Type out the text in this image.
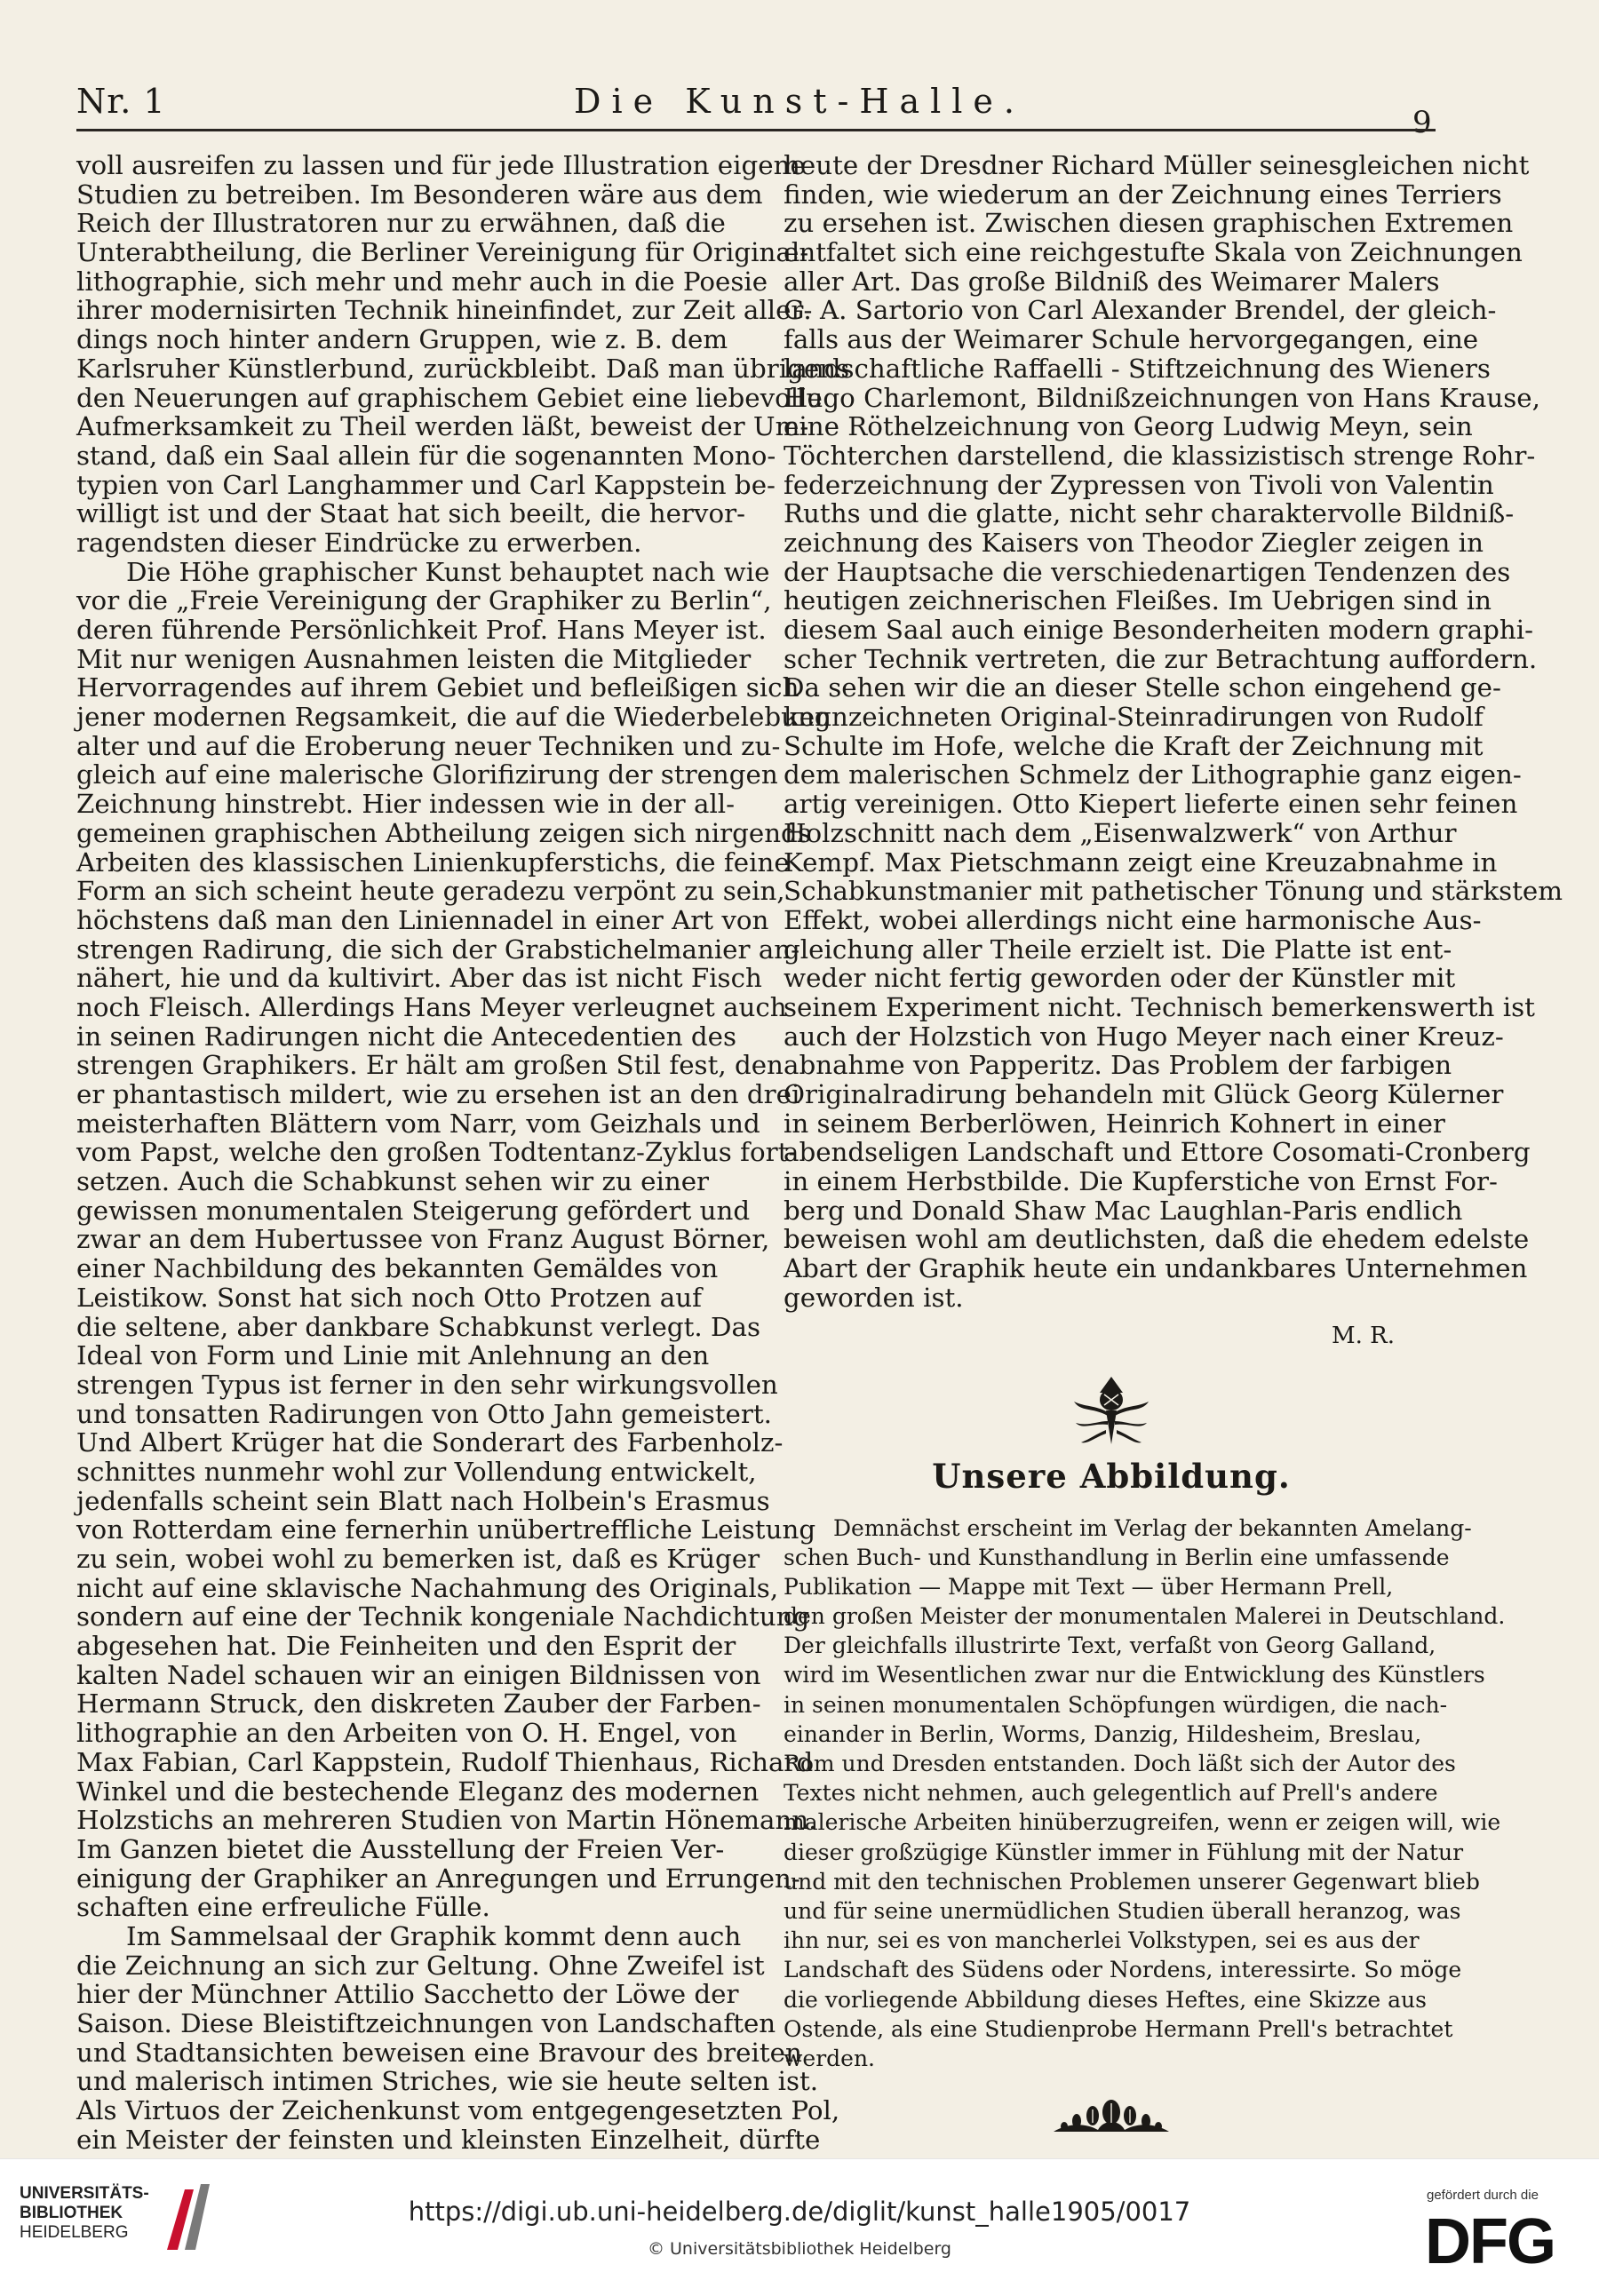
Nr. 1	Die Kunst-Halle.
9
voll ausreifen zu lassen und für jede Illustration eigene
Studien zu betreiben. Im Besonderen wäre aus dem
Reich der Illustratoren nur zu erwähnen, daß die
Unterabtheilung, die Berliner Vereinigung für Original-
lithographie, sich mehr und mehr auch in die Poesie
ihrer modernisirten Technik hineinfindet, zur Zeit aller-
dings noch hinter andern Gruppen, wie z. B. dem
Karlsruher Künstlerbund, zurückbleibt. Daß man übrigens
den Neuerungen auf graphischem Gebiet eine liebevolle
Aufmerksamkeit zu Theil werden läßt, beweist der Um-
stand, daß ein Saal allein für die sogenannten Mono-
typien von Carl Langhammer und Carl Kappstein be-
willigt ist und der Staat hat sich beeilt, die hervor-
ragendsten dieser Eindrücke zu erwerben.
Die Höhe graphischer Kunst behauptet nach wie
vor die „Freie Vereinigung der Graphiker zu Berlin“,
deren führende Persönlichkeit Prof. Hans Meyer ist.
Mit nur wenigen Ausnahmen leisten die Mitglieder
Hervorragendes auf ihrem Gebiet und befleißigen sich
jener modernen Regsamkeit, die auf die Wiederbelebung
alter und auf die Eroberung neuer Techniken und zu-
gleich auf eine malerische Glorifizirung der strengen
Zeichnung hinstrebt. Hier indessen wie in der all-
gemeinen graphischen Abtheilung zeigen sich nirgends
Arbeiten des klassischen Linienkupferstichs, die feine
Form an sich scheint heute geradezu verpönt zu sein,
höchstens daß man den Liniennadel in einer Art von
strengen Radirung, die sich der Grabstichelmanier an-
nähert, hie und da kultivirt. Aber das ist nicht Fisch
noch Fleisch. Allerdings Hans Meyer verleugnet auch
in seinen Radirungen nicht die Antecedentien des
strengen Graphikers. Er hält am großen Stil fest, den
er phantastisch mildert, wie zu ersehen ist an den drei
meisterhaften Blättern vom Narr, vom Geizhals und
vom Papst, welche den großen Todtentanz-Zyklus fort-
setzen. Auch die Schabkunst sehen wir zu einer
gewissen monumentalen Steigerung gefördert und
zwar an dem Hubertussee von Franz August Börner,
einer Nachbildung des bekannten Gemäldes von
Leistikow. Sonst hat sich noch Otto Protzen auf
die seltene, aber dankbare Schabkunst verlegt. Das
Ideal von Form und Linie mit Anlehnung an den
strengen Typus ist ferner in den sehr wirkungsvollen
und tonsatten Radirungen von Otto Jahn gemeistert.
Und Albert Krüger hat die Sonderart des Farbenholz-
schnittes nunmehr wohl zur Vollendung entwickelt,
jedenfalls scheint sein Blatt nach Holbein's Erasmus
von Rotterdam eine fernerhin unübertreffliche Leistung
zu sein, wobei wohl zu bemerken ist, daß es Krüger
nicht auf eine sklavische Nachahmung des Originals,
sondern auf eine der Technik kongeniale Nachdichtung
abgesehen hat. Die Feinheiten und den Esprit der
kalten Nadel schauen wir an einigen Bildnissen von
Hermann Struck, den diskreten Zauber der Farben-
lithographie an den Arbeiten von O. H. Engel, von
Max Fabian, Carl Kappstein, Rudolf Thienhaus, Richard
Winkel und die bestechende Eleganz des modernen
Holzstichs an mehreren Studien von Martin Hönemann.
Im Ganzen bietet die Ausstellung der Freien Ver-
einigung der Graphiker an Anregungen und Errungen-
schaften eine erfreuliche Fülle.
Im Sammelsaal der Graphik kommt denn auch
die Zeichnung an sich zur Geltung. Ohne Zweifel ist
hier der Münchner Attilio Sacchetto der Löwe der
Saison. Diese Bleistiftzeichnungen von Landschaften
und Stadtansichten beweisen eine Bravour des breiten
und malerisch intimen Striches, wie sie heute selten ist.
Als Virtuos der Zeichenkunst vom entgegengesetzten Pol,
ein Meister der feinsten und kleinsten Einzelheit, dürfte
heute der Dresdner Richard Müller seinesgleichen nicht
finden, wie wiederum an der Zeichnung eines Terriers
zu ersehen ist. Zwischen diesen graphischen Extremen
entfaltet sich eine reichgestufte Skala von Zeichnungen
aller Art. Das große Bildniß des Weimarer Malers
G. A. Sartorio von Carl Alexander Brendel, der gleich-
falls aus der Weimarer Schule hervorgegangen, eine
landschaftliche Raffaelli - Stiftzeichnung des Wieners
Hugo Charlemont, Bildnißzeichnungen von Hans Krause,
eine Röthelzeichnung von Georg Ludwig Meyn, sein
Töchterchen darstellend, die klassizistisch strenge Rohr-
federzeichnung der Zypressen von Tivoli von Valentin
Ruths und die glatte, nicht sehr charaktervolle Bildniß-
zeichnung des Kaisers von Theodor Ziegler zeigen in
der Hauptsache die verschiedenartigen Tendenzen des
heutigen zeichnerischen Fleißes. Im Uebrigen sind in
diesem Saal auch einige Besonderheiten modern graphi-
scher Technik vertreten, die zur Betrachtung auffordern.
Da sehen wir die an dieser Stelle schon eingehend ge-
kennzeichneten Original-Steinradirungen von Rudolf
Schulte im Hofe, welche die Kraft der Zeichnung mit
dem malerischen Schmelz der Lithographie ganz eigen-
artig vereinigen. Otto Kiepert lieferte einen sehr feinen
Holzschnitt nach dem „Eisenwalzwerk“ von Arthur
Kempf. Max Pietschmann zeigt eine Kreuzabnahme in
Schabkunstmanier mit pathetischer Tönung und stärkstem
Effekt, wobei allerdings nicht eine harmonische Aus-
gleichung aller Theile erzielt ist. Die Platte ist ent-
weder nicht fertig geworden oder der Künstler mit
seinem Experiment nicht. Technisch bemerkenswerth ist
auch der Holzstich von Hugo Meyer nach einer Kreuz-
abnahme von Papperitz. Das Problem der farbigen
Originalradirung behandeln mit Glück Georg Külerner
in seinem Berberlöwen, Heinrich Kohnert in einer
abendseligen Landschaft und Ettore Cosomati-Cronberg
in einem Herbstbilde. Die Kupferstiche von Ernst For-
berg und Donald Shaw Mac Laughlan-Paris endlich
beweisen wohl am deutlichsten, daß die ehedem edelste
Abart der Graphik heute ein undankbares Unternehmen
geworden ist.
M. R.
Unsere Abbildung.
Demnächst erscheint im Verlag der bekannten Amelang-
schen Buch- und Kunsthandlung in Berlin eine umfassende
Publikation — Mappe mit Text — über Hermann Prell,
den großen Meister der monumentalen Malerei in Deutschland.
Der gleichfalls illustrirte Text, verfaßt von Georg Galland,
wird im Wesentlichen zwar nur die Entwicklung des Künstlers
in seinen monumentalen Schöpfungen würdigen, die nach-
einander in Berlin, Worms, Danzig, Hildesheim, Breslau,
Rom und Dresden entstanden. Doch läßt sich der Autor des
Textes nicht nehmen, auch gelegentlich auf Prell's andere
malerische Arbeiten hinüberzugreifen, wenn er zeigen will, wie
dieser großzügige Künstler immer in Fühlung mit der Natur
und mit den technischen Problemen unserer Gegenwart blieb
und für seine unermüdlichen Studien überall heranzog, was
ihn nur, sei es von mancherlei Volkstypen, sei es aus der
Landschaft des Südens oder Nordens, interessirte. So möge
die vorliegende Abbildung dieses Heftes, eine Skizze aus
Ostende, als eine Studienprobe Hermann Prell's betrachtet
werden.
UNIVERSITÄTS-
BIBLIOTHEK
HEIDELBERG
https://digi.ub.uni-heidelberg.de/diglit/kunst_halle1905/0017
© Universitätsbibliothek Heidelberg
gefördert durch die
DFG
